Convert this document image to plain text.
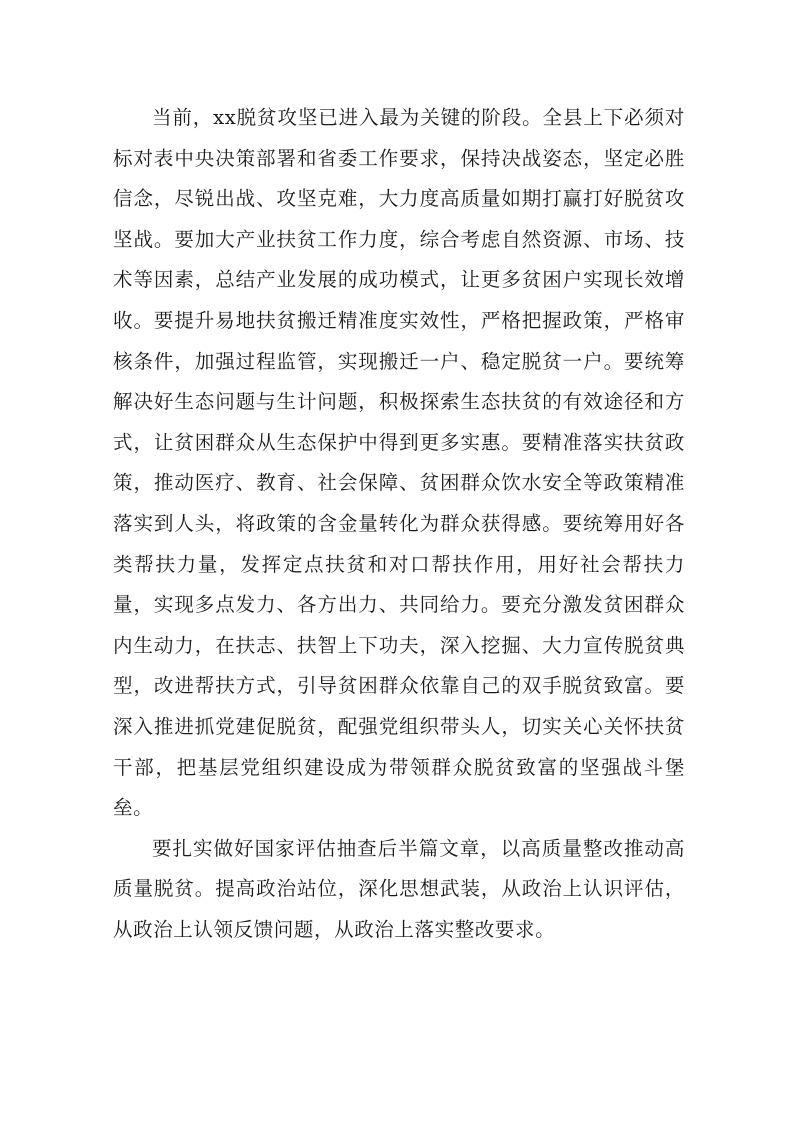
当前，xx脱贫攻坚已进入最为关键的阶段。全县上下必须对标对表中央决策部署和省委工作要求，保持决战姿态，坚定必胜信念，尽锐出战、攻坚克难，大力度高质量如期打赢打好脱贫攻坚战。要加大产业扶贫工作力度，综合考虑自然资源、市场、技术等因素，总结产业发展的成功模式，让更多贫困户实现长效增收。要提升易地扶贫搬迁精准度实效性，严格把握政策，严格审核条件，加强过程监管，实现搬迁一户、稳定脱贫一户。要统筹解决好生态问题与生计问题，积极探索生态扶贫的有效途径和方式，让贫困群众从生态保护中得到更多实惠。要精准落实扶贫政策，推动医疗、教育、社会保障、贫困群众饮水安全等政策精准落实到人头，将政策的含金量转化为群众获得感。要统筹用好各类帮扶力量，发挥定点扶贫和对口帮扶作用，用好社会帮扶力量，实现多点发力、各方出力、共同给力。要充分激发贫困群众内生动力，在扶志、扶智上下功夫，深入挖掘、大力宣传脱贫典型，改进帮扶方式，引导贫困群众依靠自己的双手脱贫致富。要深入推进抓党建促脱贫，配强党组织带头人，切实关心关怀扶贫干部，把基层党组织建设成为带领群众脱贫致富的坚强战斗堡垒。

要扎实做好国家评估抽查后半篇文章，以高质量整改推动高质量脱贫。提高政治站位，深化思想武装，从政治上认识评估，从政治上认领反馈问题，从政治上落实整改要求。
